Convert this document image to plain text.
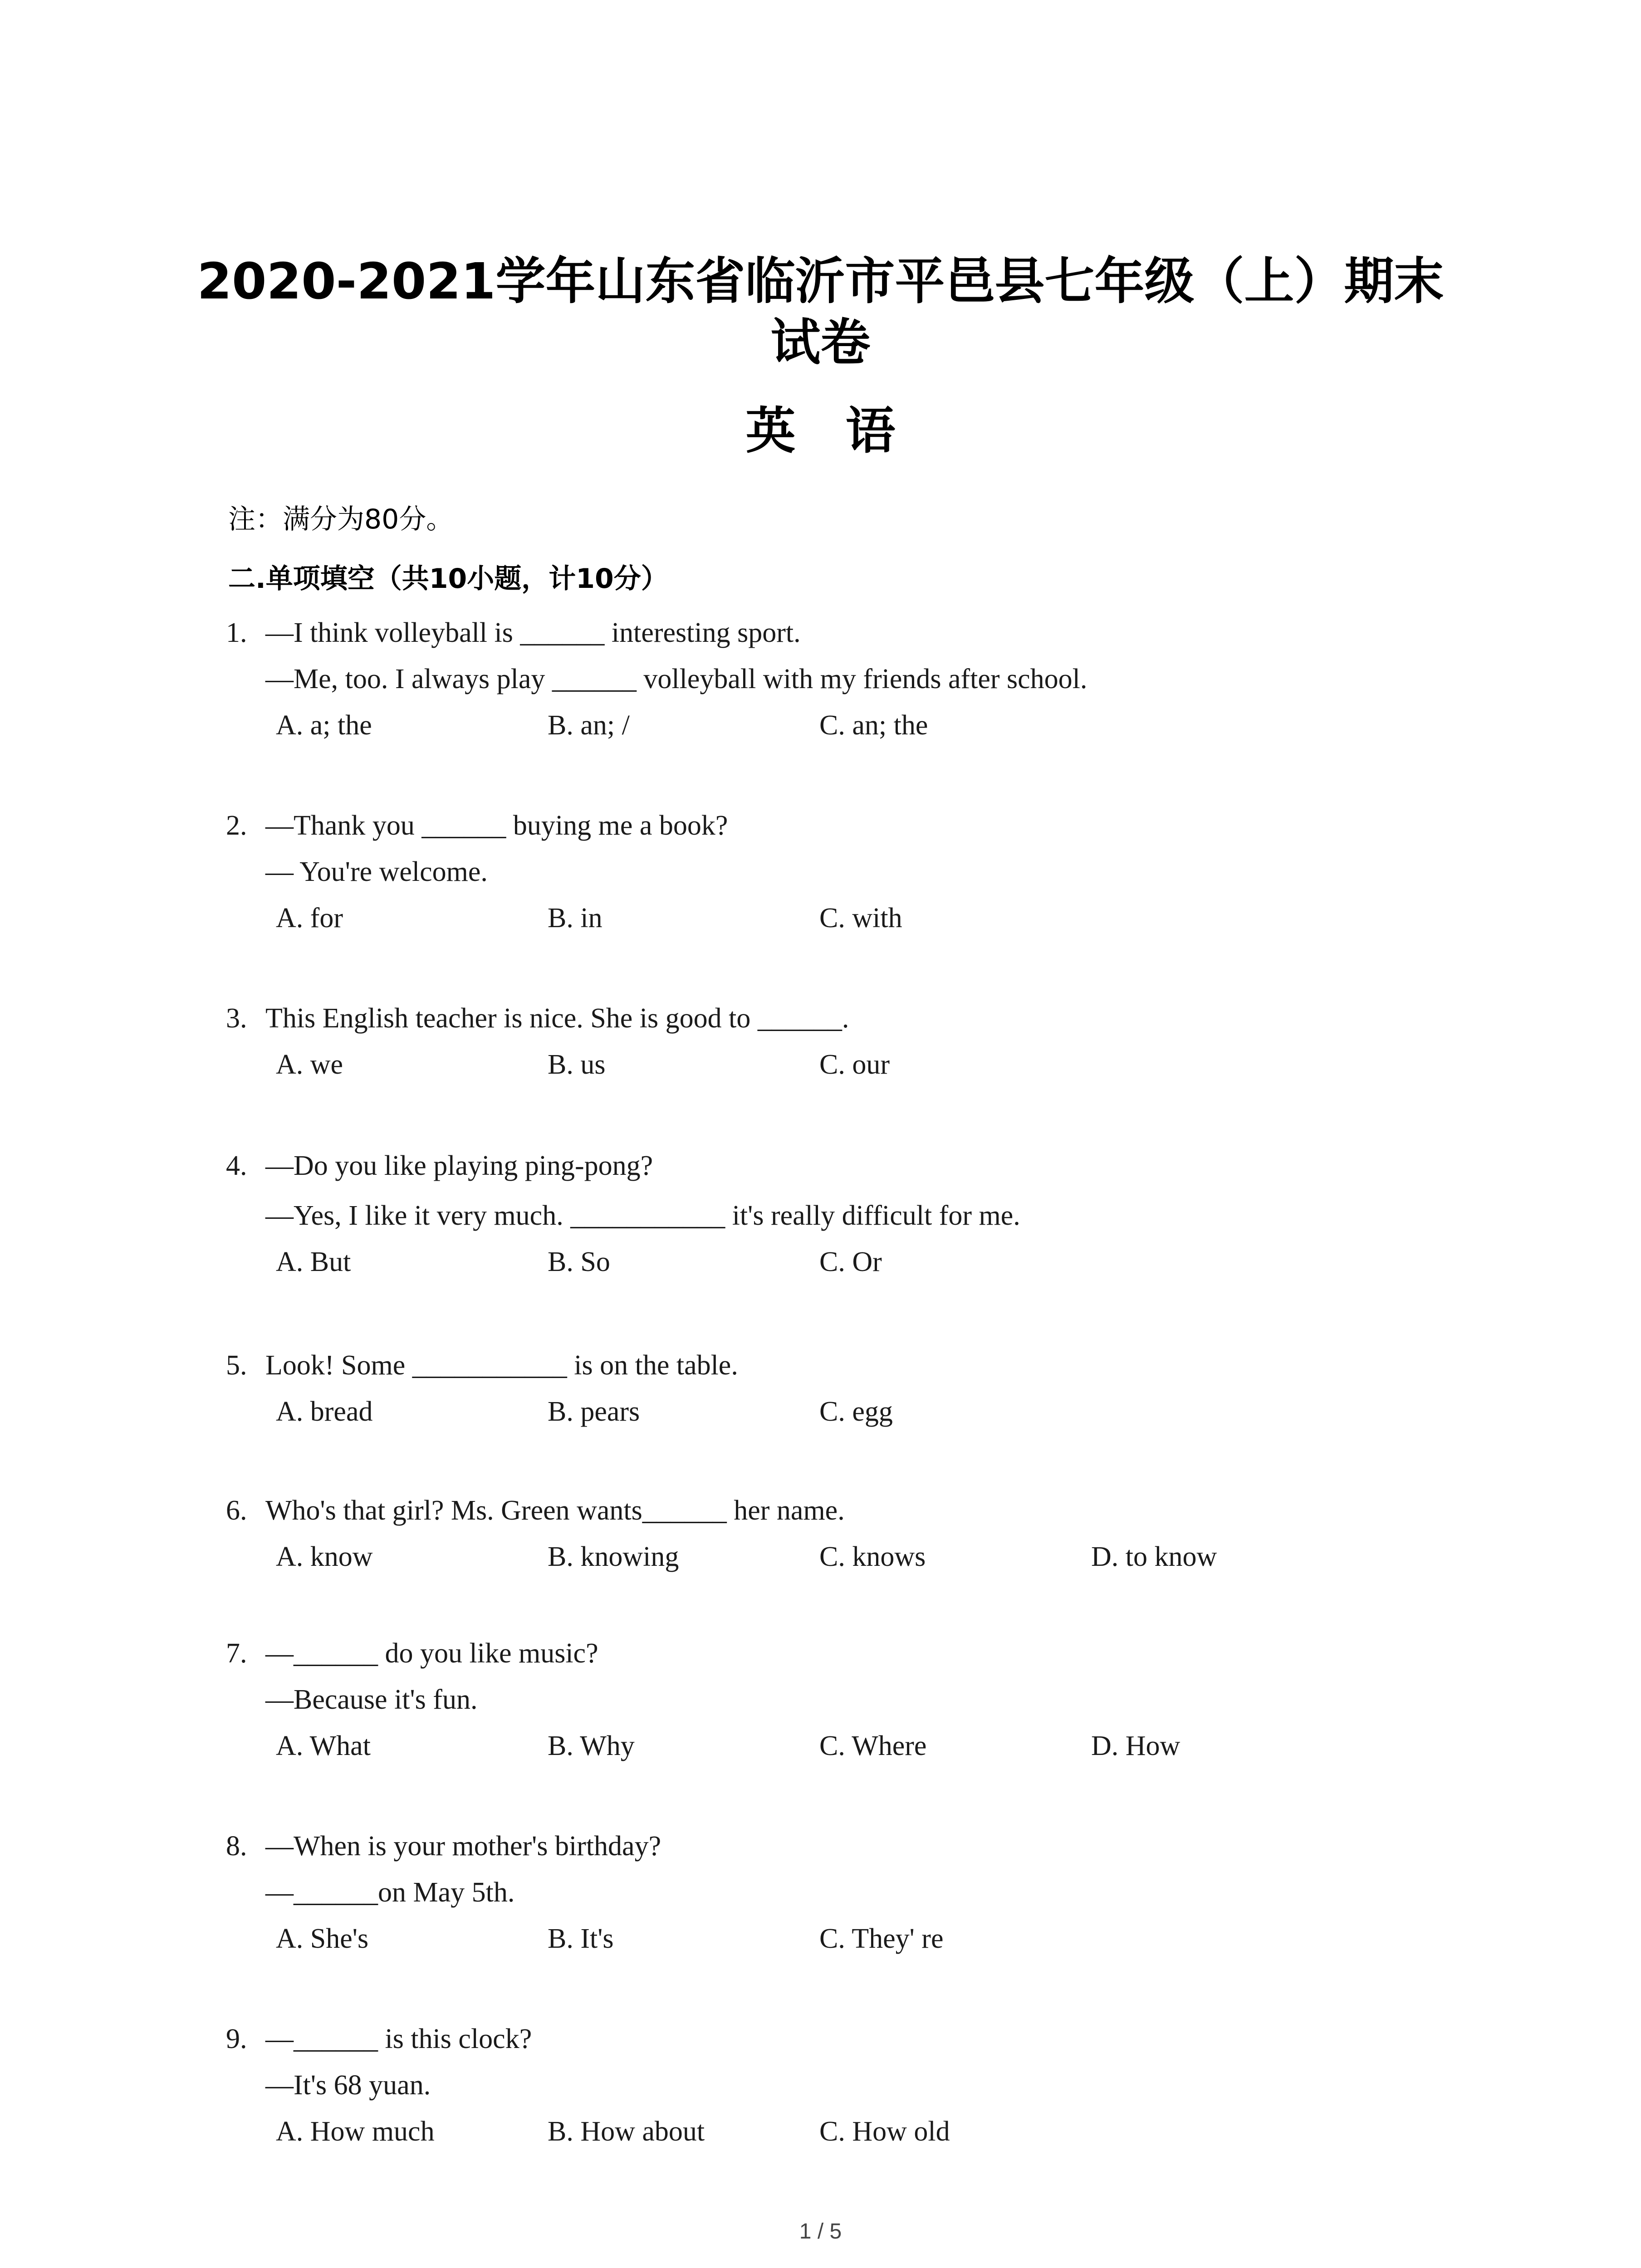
2020-2021学年山东省临沂市平邑县七年级（上）期末
试卷
英语
注：满分为80分。
二.单项填空（共10小题，计10分）
1. —I think volleyball is ______ interesting sport.
—Me, too. I always play ______ volleyball with my friends after school.
A. a; the	B. an; /	C. an; the
2. —Thank you ______ buying me a book?
— You're welcome.
A. for	B. in	C. with
3. This English teacher is nice. She is good to ______.
A. we	B. us	C. our
4. —Do you like playing ping-pong?
—Yes, I like it very much. ___________ it's really difficult for me.
A. But	B. So	C. Or
5. Look! Some ___________ is on the table.
A. bread	B. pears	C. egg
6. Who's that girl? Ms. Green wants______ her name.
A. know	B. knowing	C. knows	D. to know
7. —______ do you like music?
—Because it's fun.
A. What	B. Why	C. Where	D. How
8. —When is your mother's birthday?
—______on May 5th.
A. She's	B. It's	C. They' re
9. —______ is this clock?
—It's 68 yuan.
A. How much	B. How about	C. How old
1 / 5
